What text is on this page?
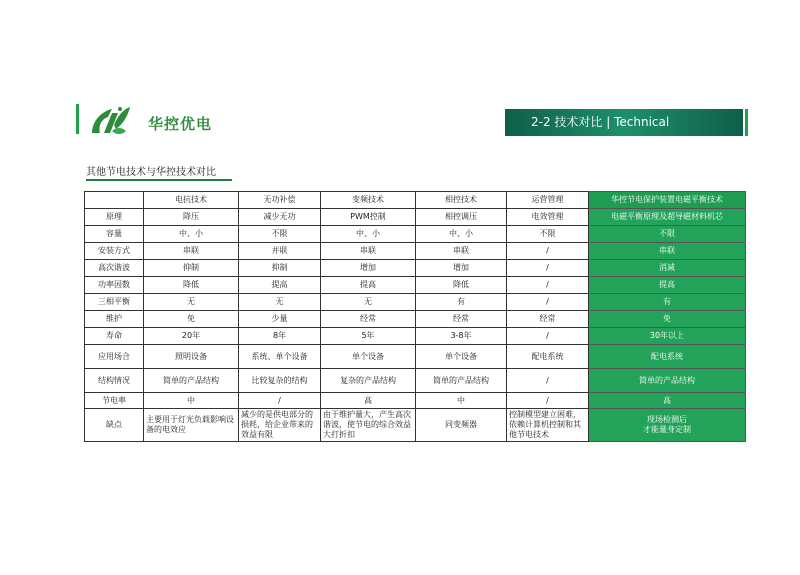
华控优电	2-2 技术对比 | Technical Comparison
其他节电技术与华控技术对比
	电抗技术	无功补偿	变频技术	相控技术	运营管理	华控节电保护装置电磁平衡技术
原理	降压	减少无功	PWM控制	相控调压	电效管理	电磁平衡原理及超导磁材料机芯
容量	中、小	不限	中、小	中、小	不限	不限
安装方式	串联	并联	串联	串联	/	串联
高次谐波	抑制	抑制	增加	增加	/	消减
功率因数	降低	提高	提高	降低	/	提高
三相平衡	无	无	无	有	/	有
维护	免	少量	经常	经常	经常	免
寿命	20年	8年	5年	3-8年	/	30年以上
应用场合	照明设备	系统、单个设备	单个设备	单个设备	配电系统	配电系统
结构情况	简单的产品结构	比较复杂的结构	复杂的产品结构	简单的产品结构	/	简单的产品结构
节电率	中	/	高	中	/	高
缺点	主要用于灯光负载影响设备的电效应	减少的是供电部分的损耗，给企业带来的效益有限	由于维护量大，产生高次谐波，使节电的综合效益大打折扣	同变频器	控制模型建立困难，依赖计算机控制和其他节电技术	现场检测后
才能量身定制
